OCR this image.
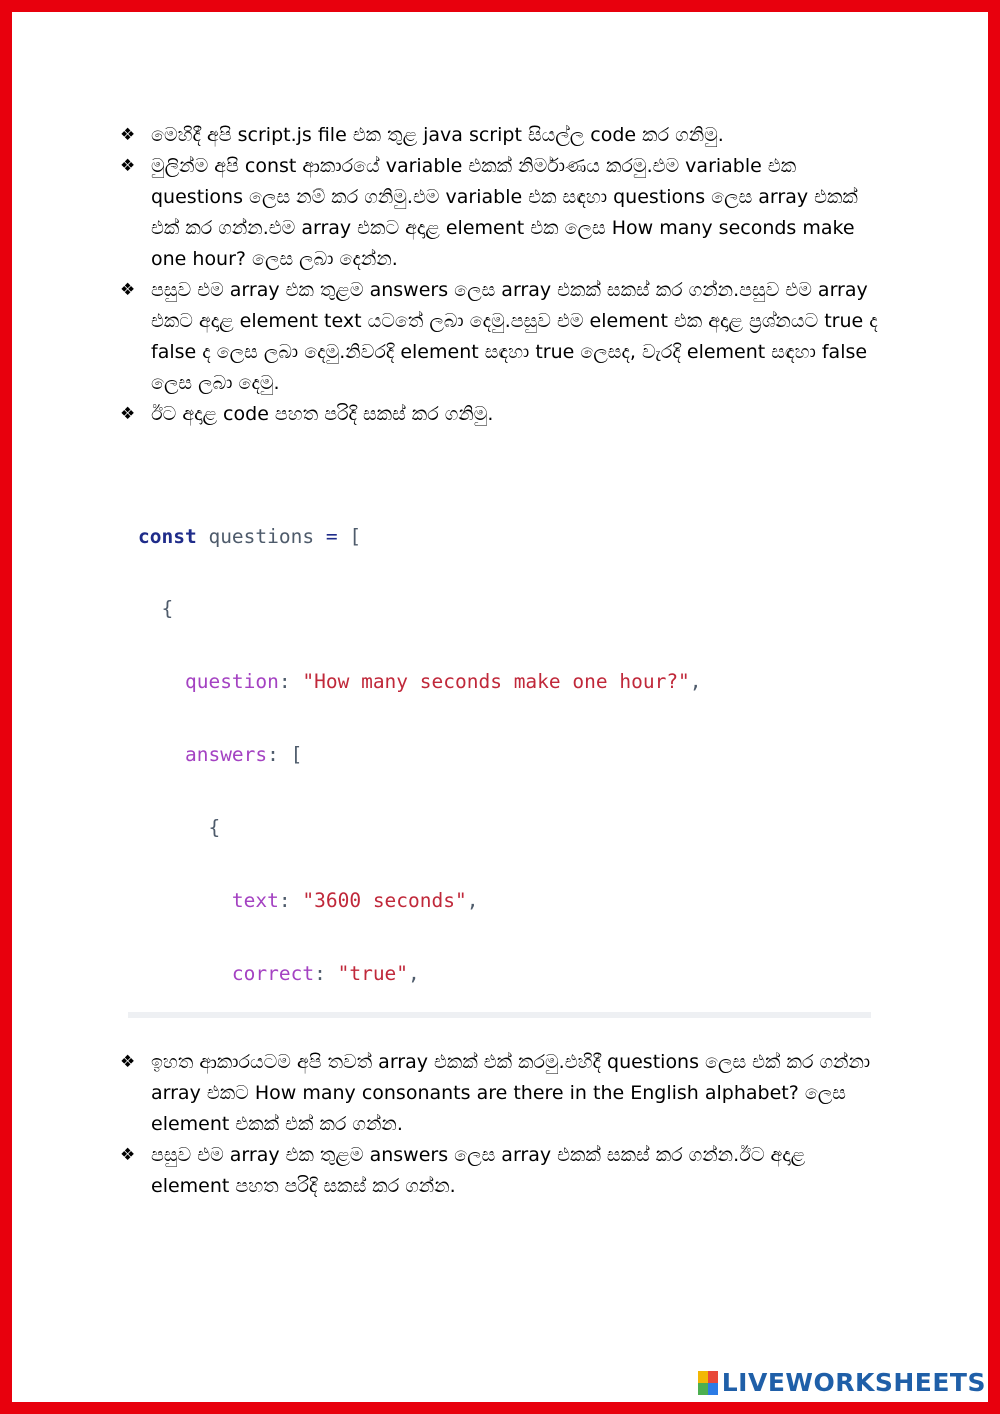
❖ මෙහිදී අපි script.js file එක තුළ java script සියල්ල code කර ගනිමු.
❖ මුලින්ම අපි const ආකාරයේ variable එකක් නිර්මාණය කරමු.එම variable එක questions ලෙස නම් කර ගනිමු.එම variable එක සඳහා questions ලෙස array එකක් එක් කර ගන්න.එම array එකට අදාළ element එක ලෙස How many seconds make one hour? ලෙස ලබා දෙන්න.
❖ පසුව එම array එක තුළම answers ලෙස array එකක් සකස් කර ගන්න.පසුව එම array එකට අදාළ element text යටතේ ලබා දෙමු.පසුව එම element එක අදාළ ප්‍රශ්නයට true ද false ද ලෙස ලබා දෙමු.නිවරදි element සඳහා true ලෙසද, වැරදි element සඳහා false ලෙස ලබා දෙමු.
❖ ඊට අදාළ code පහත පරිදි සකස් කර ගනිමු.

const questions = [

{

question: "How many seconds make one hour?",

answers: [

{

text: "3600 seconds",

correct: "true",

❖ ඉහත ආකාරයටම අපි තවත් array එකක් එක් කරමු.එහිදී questions ලෙස එක් කර ගන්නා array එකට How many consonants are there in the English alphabet? ලෙස element එකක් එක් කර ගන්න.
❖ පසුව එම array එක තුළම answers ලෙස array එකක් සකස් කර ගන්න.ඊට අදාළ element පහත පරිදි සකස් කර ගන්න.
LIVEWORKSHEETS
